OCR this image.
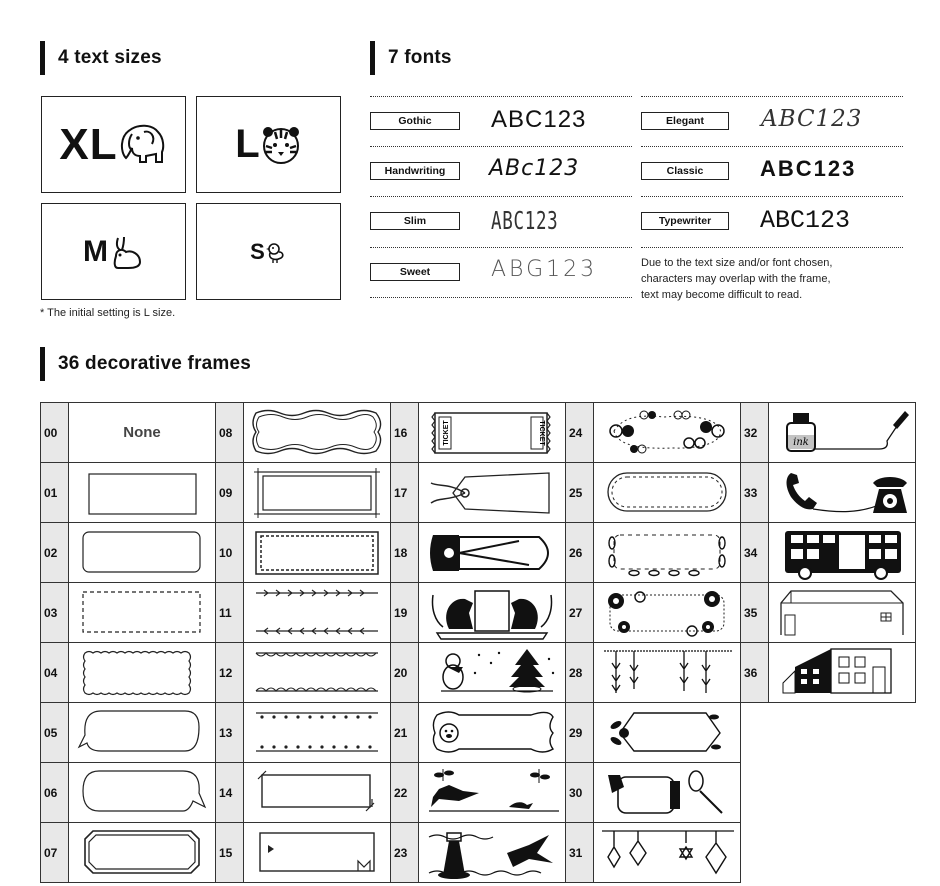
4 text sizes
XL	L
M	S
* The initial setting is L size.
7 fonts
Gothic	ABC123
Handwriting	ABc123
Slim	ABC123
Sweet	ABG123
Elegant	ABC123
Classic	ABC123
Typewriter	ABC123
Due to the text size and/or font chosen,
characters may overlap with the frame,
text may become difficult to read.
36 decorative frames
00	None	08		16	TICKET TICKET	24		32	ink

01		09		17		25		33	

02		10		18		26		34	

03		11		19		27		35	

04		12		20		28		36	

05		13		21		29	

06		14		22		30	

07		15		23		31	
